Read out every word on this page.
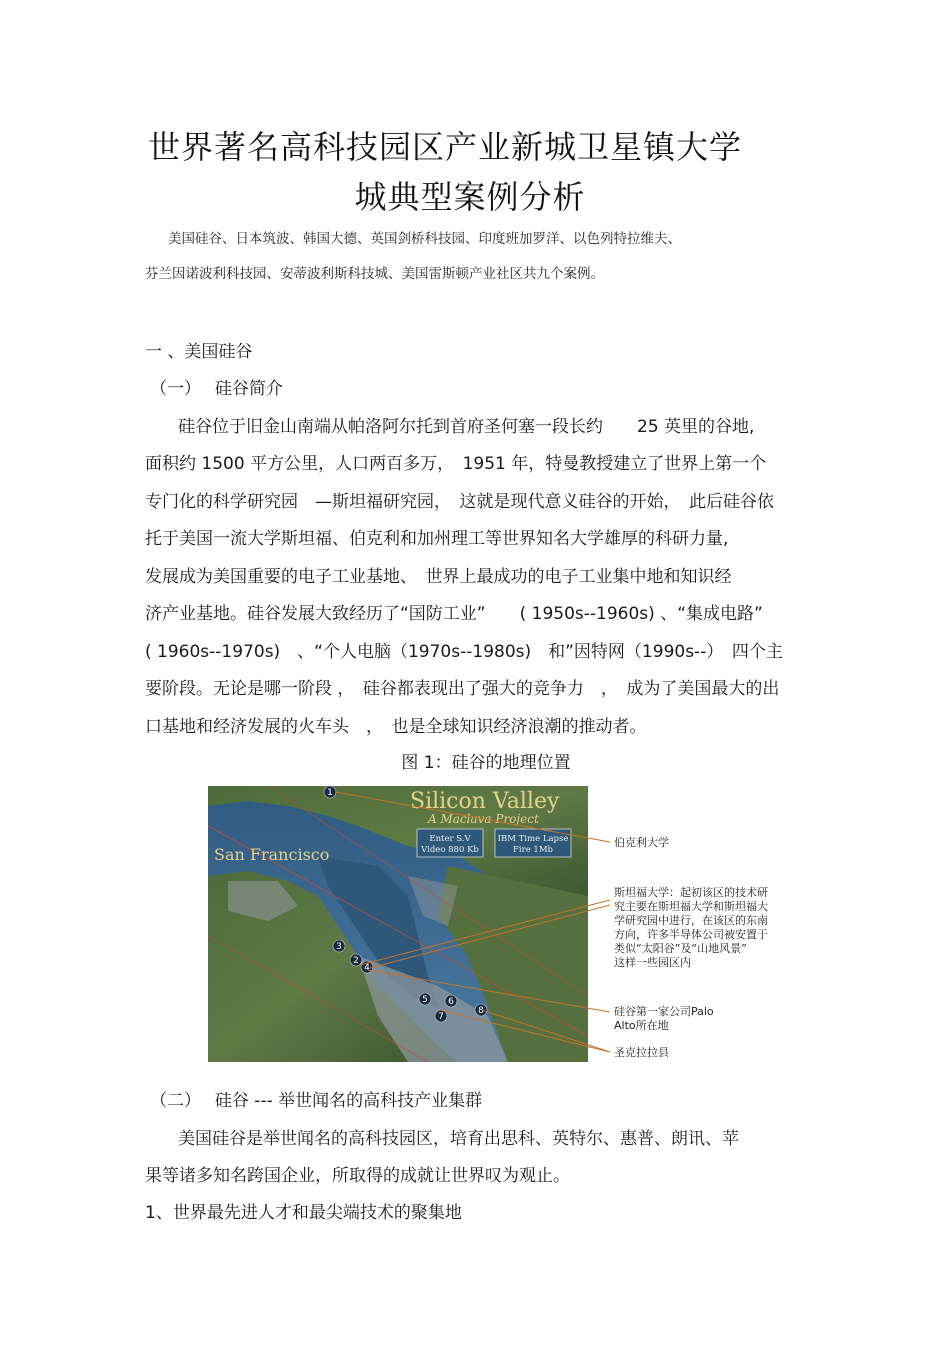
世界著名高科技园区产业新城卫星镇大学
城典型案例分析
美国硅谷、日本筑波、韩国大德、英国剑桥科技园、印度班加罗洋、以色列特拉维夫、
芬兰因诺波利科技园、安蒂波利斯科技城、美国雷斯顿产业社区共九个案例。
一 、美国硅谷
（一）　 硅谷简介
硅谷位于旧金山南端从帕洛阿尔托到首府圣何塞一段长约　　25 英里的谷地,
面积约 1500 平方公里，人口两百多万，　1951 年，特曼教授建立了世界上第一个
专门化的科学研究园　—斯坦福研究园，　这就是现代意义硅谷的开始，　此后硅谷依
托于美国一流大学斯坦福、伯克利和加州理工等世界知名大学雄厚的科研力量,
发展成为美国重要的电子工业基地、　世界上最成功的电子工业集中地和知识经
济产业基地。硅谷发展大致经历了“国防工业”　　( 1950s--1960s) 、“集成电路”
( 1960s--1970s)　、“个人电脑（1970s--1980s)　和”因特网（1990s--）　四个主
要阶段。无论是哪一阶段 ，　硅谷都表现出了强大的竞争力　，　成为了美国最大的出
口基地和经济发展的火车头　，　也是全球知识经济浪潮的推动者。
图 1：硅谷的地理位置
Silicon Valley
A Maclava Project
Enter S.V
Video 880 Kb
IBM Time Lapse
Fire 1Mb
San Francisco
1
2
3
4
5 6
7
8
伯克利大学
斯坦福大学：起初该区的技术研
究主要在斯坦福大学和斯坦福大
学研究园中进行，在该区的东南
方向，许多半导体公司被安置于
类似“太阳谷”及“山地风景”
这样一些园区内
硅谷第一家公司Palo
Alto所在地
圣克拉拉县
（二）　 硅谷 --- 举世闻名的高科技产业集群
美国硅谷是举世闻名的高科技园区，培育出思科、英特尔、惠普、朗讯、苹
果等诸多知名跨国企业，所取得的成就让世界叹为观止。
1、世界最先进人才和最尖端技术的聚集地
